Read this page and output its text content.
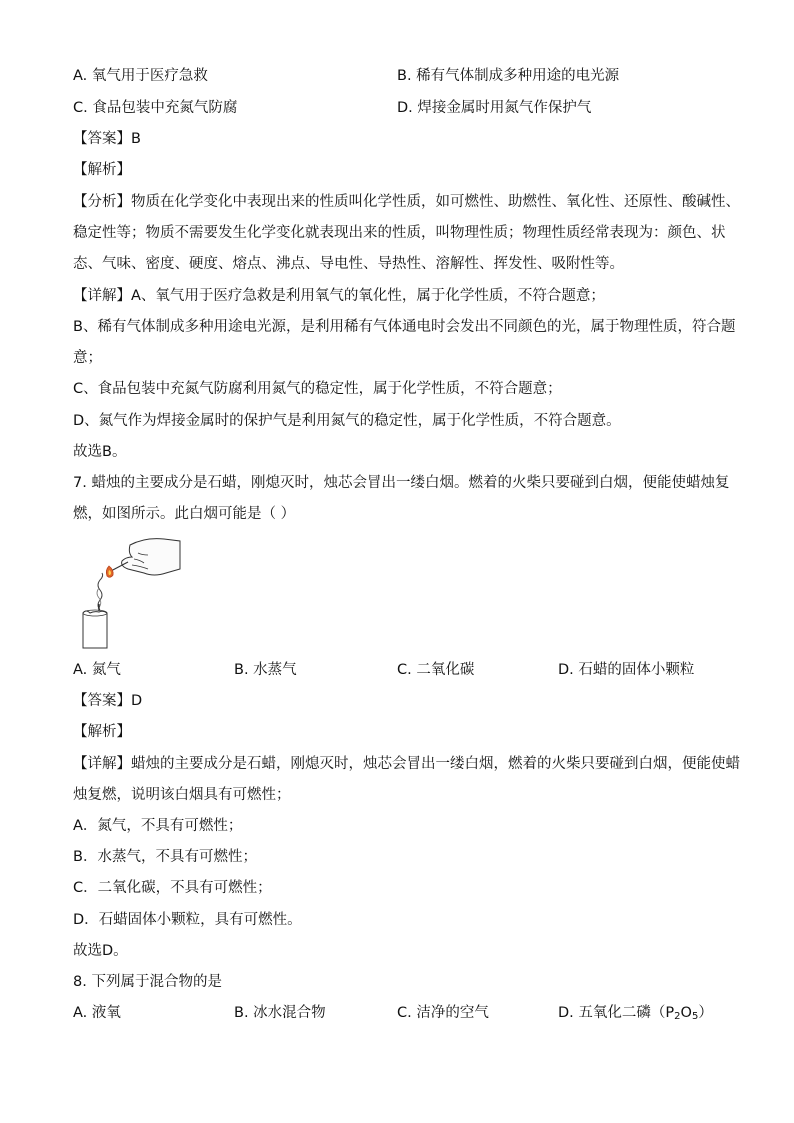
A. 氧气用于医疗急救	B. 稀有气体制成多种用途的电光源
C. 食品包装中充氮气防腐	D. 焊接金属时用氮气作保护气
【答案】B
【解析】
【分析】物质在化学变化中表现出来的性质叫化学性质，如可燃性、助燃性、氧化性、还原性、酸碱性、
稳定性等；物质不需要发生化学变化就表现出来的性质，叫物理性质；物理性质经常表现为：颜色、状
态、气味、密度、硬度、熔点、沸点、导电性、导热性、溶解性、挥发性、吸附性等。
【详解】A、氧气用于医疗急救是利用氧气的氧化性，属于化学性质，不符合题意；
B、稀有气体制成多种用途电光源，是利用稀有气体通电时会发出不同颜色的光，属于物理性质，符合题
意；
C、食品包装中充氮气防腐利用氮气的稳定性，属于化学性质，不符合题意；
D、氮气作为焊接金属时的保护气是利用氮气的稳定性，属于化学性质，不符合题意。
故选B。
7. 蜡烛的主要成分是石蜡，刚熄灭时，烛芯会冒出一缕白烟。燃着的火柴只要碰到白烟，便能使蜡烛复
燃，如图所示。此白烟可能是（ ）
A. 氮气	B. 水蒸气	C. 二氧化碳	D. 石蜡的固体小颗粒
【答案】D
【解析】
【详解】蜡烛的主要成分是石蜡，刚熄灭时，烛芯会冒出一缕白烟，燃着的火柴只要碰到白烟，便能使蜡
烛复燃，说明该白烟具有可燃性；
A．氮气，不具有可燃性；
B．水蒸气，不具有可燃性；
C．二氧化碳，不具有可燃性；
D．石蜡固体小颗粒，具有可燃性。
故选D。
8. 下列属于混合物的是
A. 液氧	B. 冰水混合物	C. 洁净的空气	D. 五氧化二磷$(P_2O_5)$
